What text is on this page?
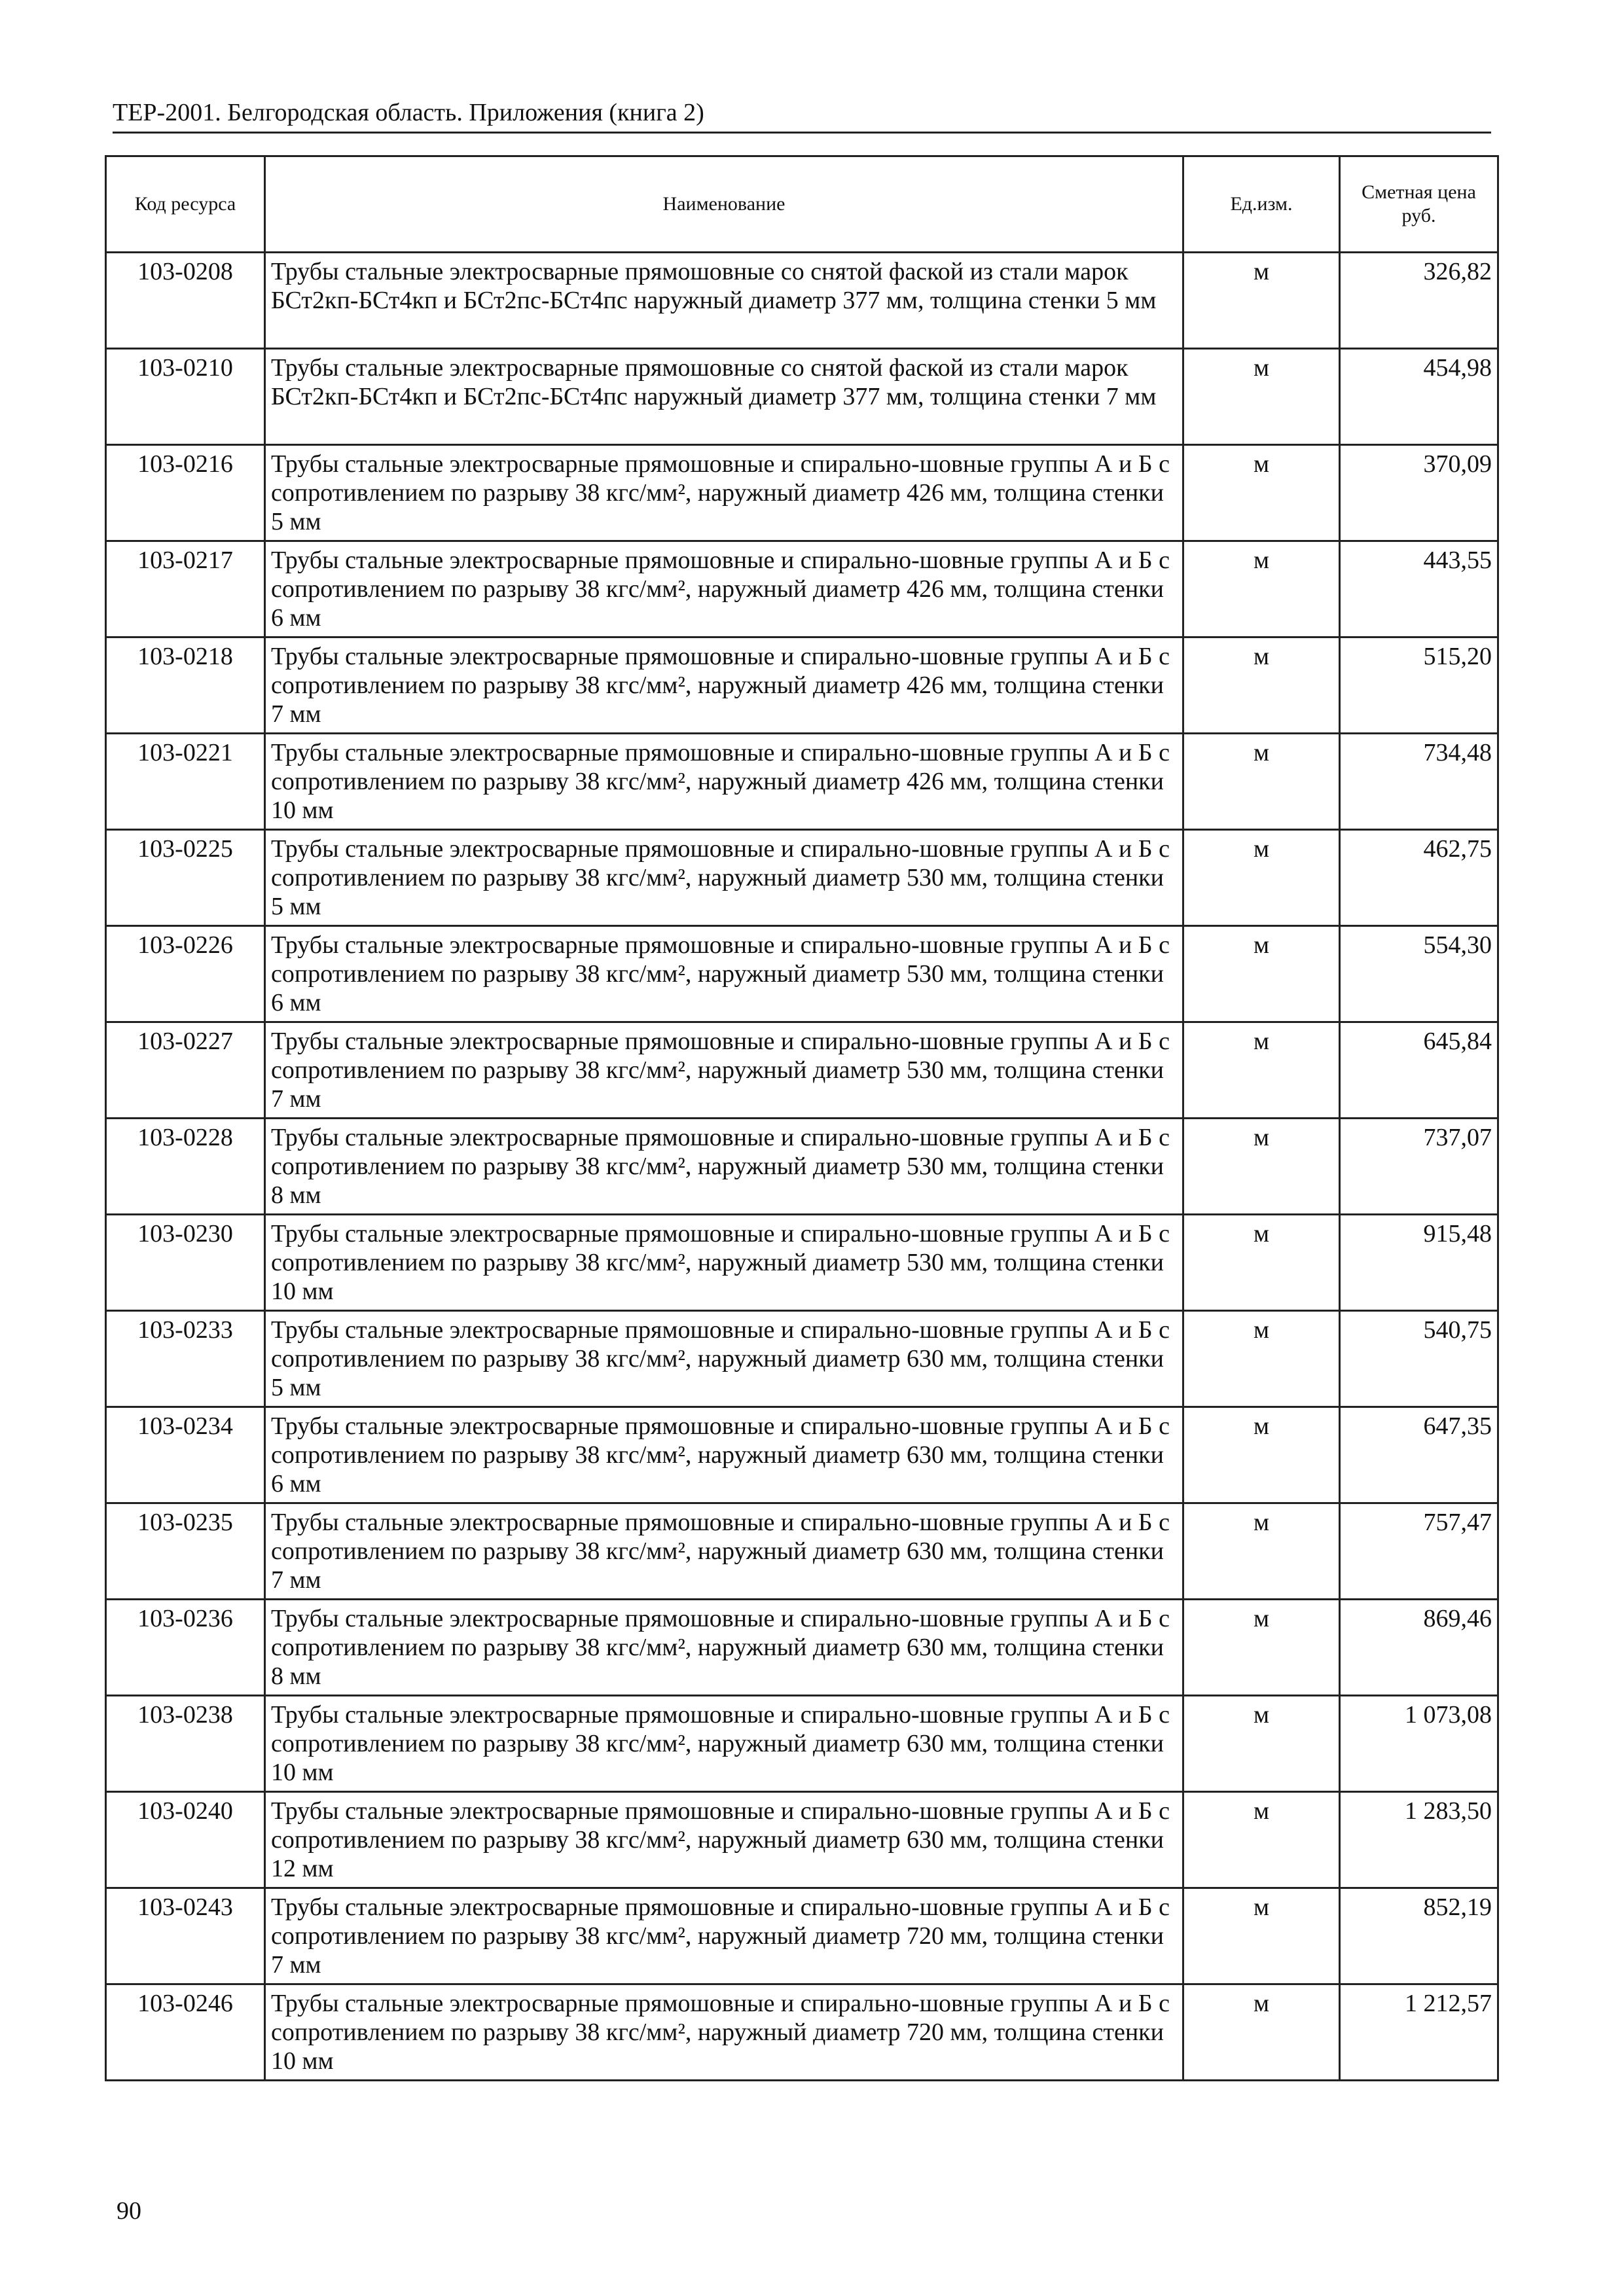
ТЕР-2001. Белгородская область. Приложения (книга 2)
Код ресурса	Наименование	Ед.изм.	Сметная цена руб.
103-0208	Трубы стальные электросварные прямошовные со снятой фаской из стали марок БСт2кп-БСт4кп и БСт2пс-БСт4пс наружный диаметр 377 мм, толщина стенки 5 мм	м	326,82
103-0210	Трубы стальные электросварные прямошовные со снятой фаской из стали марок БСт2кп-БСт4кп и БСт2пс-БСт4пс наружный диаметр 377 мм, толщина стенки 7 мм	м	454,98
103-0216	Трубы стальные электросварные прямошовные и спирально-шовные группы А и Б с сопротивлением по разрыву 38 кгс/мм², наружный диаметр 426 мм, толщина стенки 5 мм	м	370,09
103-0217	Трубы стальные электросварные прямошовные и спирально-шовные группы А и Б с сопротивлением по разрыву 38 кгс/мм², наружный диаметр 426 мм, толщина стенки 6 мм	м	443,55
103-0218	Трубы стальные электросварные прямошовные и спирально-шовные группы А и Б с сопротивлением по разрыву 38 кгс/мм², наружный диаметр 426 мм, толщина стенки 7 мм	м	515,20
103-0221	Трубы стальные электросварные прямошовные и спирально-шовные группы А и Б с сопротивлением по разрыву 38 кгс/мм², наружный диаметр 426 мм, толщина стенки 10 мм	м	734,48
103-0225	Трубы стальные электросварные прямошовные и спирально-шовные группы А и Б с сопротивлением по разрыву 38 кгс/мм², наружный диаметр 530 мм, толщина стенки 5 мм	м	462,75
103-0226	Трубы стальные электросварные прямошовные и спирально-шовные группы А и Б с сопротивлением по разрыву 38 кгс/мм², наружный диаметр 530 мм, толщина стенки 6 мм	м	554,30
103-0227	Трубы стальные электросварные прямошовные и спирально-шовные группы А и Б с сопротивлением по разрыву 38 кгс/мм², наружный диаметр 530 мм, толщина стенки 7 мм	м	645,84
103-0228	Трубы стальные электросварные прямошовные и спирально-шовные группы А и Б с сопротивлением по разрыву 38 кгс/мм², наружный диаметр 530 мм, толщина стенки 8 мм	м	737,07
103-0230	Трубы стальные электросварные прямошовные и спирально-шовные группы А и Б с сопротивлением по разрыву 38 кгс/мм², наружный диаметр 530 мм, толщина стенки 10 мм	м	915,48
103-0233	Трубы стальные электросварные прямошовные и спирально-шовные группы А и Б с сопротивлением по разрыву 38 кгс/мм², наружный диаметр 630 мм, толщина стенки 5 мм	м	540,75
103-0234	Трубы стальные электросварные прямошовные и спирально-шовные группы А и Б с сопротивлением по разрыву 38 кгс/мм², наружный диаметр 630 мм, толщина стенки 6 мм	м	647,35
103-0235	Трубы стальные электросварные прямошовные и спирально-шовные группы А и Б с сопротивлением по разрыву 38 кгс/мм², наружный диаметр 630 мм, толщина стенки 7 мм	м	757,47
103-0236	Трубы стальные электросварные прямошовные и спирально-шовные группы А и Б с сопротивлением по разрыву 38 кгс/мм², наружный диаметр 630 мм, толщина стенки 8 мм	м	869,46
103-0238	Трубы стальные электросварные прямошовные и спирально-шовные группы А и Б с сопротивлением по разрыву 38 кгс/мм², наружный диаметр 630 мм, толщина стенки 10 мм	м	1 073,08
103-0240	Трубы стальные электросварные прямошовные и спирально-шовные группы А и Б с сопротивлением по разрыву 38 кгс/мм², наружный диаметр 630 мм, толщина стенки 12 мм	м	1 283,50
103-0243	Трубы стальные электросварные прямошовные и спирально-шовные группы А и Б с сопротивлением по разрыву 38 кгс/мм², наружный диаметр 720 мм, толщина стенки 7 мм	м	852,19
103-0246	Трубы стальные электросварные прямошовные и спирально-шовные группы А и Б с сопротивлением по разрыву 38 кгс/мм², наружный диаметр 720 мм, толщина стенки 10 мм	м	1 212,57
90
